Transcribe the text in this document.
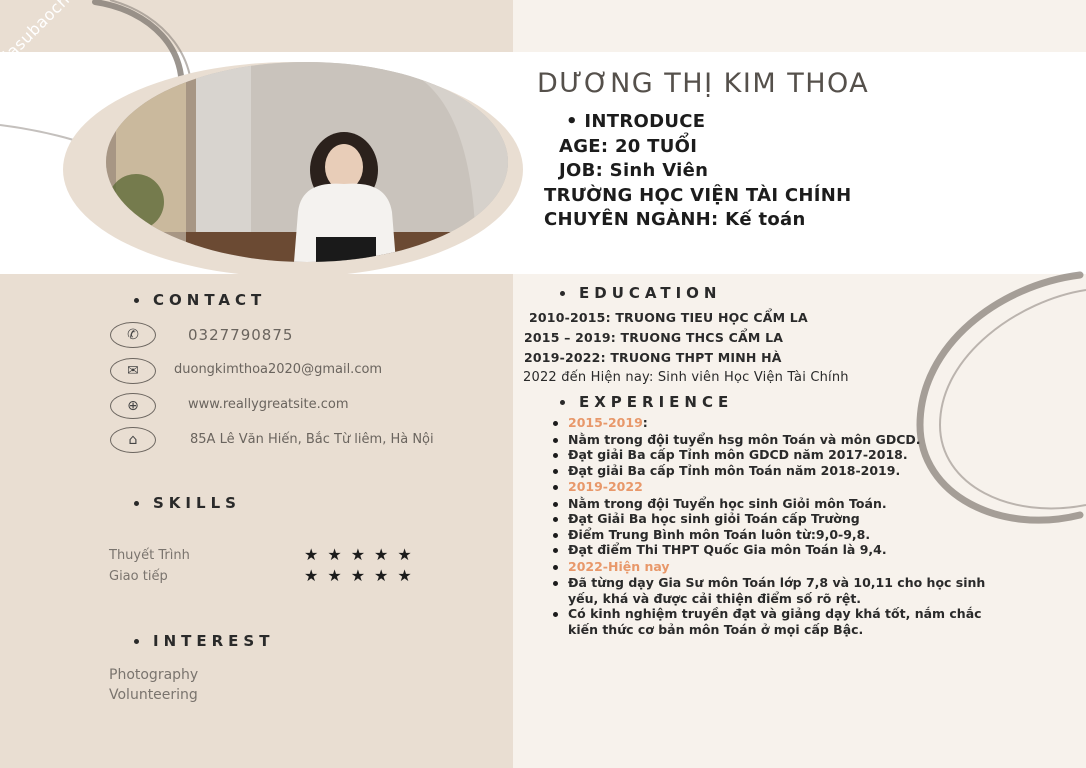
DƯƠNG THỊ KIM THOA
• INTRODUCE
AGE: 20 TUỔI
JOB: Sinh Viên
TRƯỜNG HỌC VIỆN TÀI CHÍNH
CHUYÊN NGÀNH: Kế toán
CONTACT
✆	0327790875
✉	duongkimthoa2020@gmail.com
⊕	www.reallygreatsite.com
⌂	85A Lê Văn Hiến, Bắc Từ liêm, Hà Nội
SKILLS
Thuyết Trình	★★★★★
Giao tiếp	★★★★★
INTEREST
Photography
Volunteering
EDUCATION
2010-2015: TRUONG TIEU HỌC CẨM LA
2015 – 2019: TRUONG THCS CẨM LA
2019-2022: TRUONG THPT MINH HÀ
2022 đến Hiện nay: Sinh viên Học Viện Tài Chính
EXPERIENCE
2015-2019:
Nằm trong đội tuyển hsg môn Toán và môn GDCD.
Đạt giải Ba cấp Tỉnh môn GDCD năm 2017-2018.
Đạt giải Ba cấp Tỉnh môn Toán năm 2018-2019.
2019-2022
Nằm trong đội Tuyển học sinh Giỏi môn Toán.
Đạt Giải Ba học sinh giỏi Toán cấp Trường
Điểm Trung Bình môn Toán luôn từ:9,0-9,8.
Đạt điểm Thi THPT Quốc Gia môn Toán là 9,4.
2022-Hiện nay
Đã từng dạy Gia Sư môn Toán lớp 7,8 và 10,11 cho học sinh yếu, khá và được cải thiện điểm số rõ rệt.
Có kinh nghiệm truyền đạt và giảng dạy khá tốt, nắm chắc kiến thức cơ bản môn Toán ở mọi cấp Bậc.
